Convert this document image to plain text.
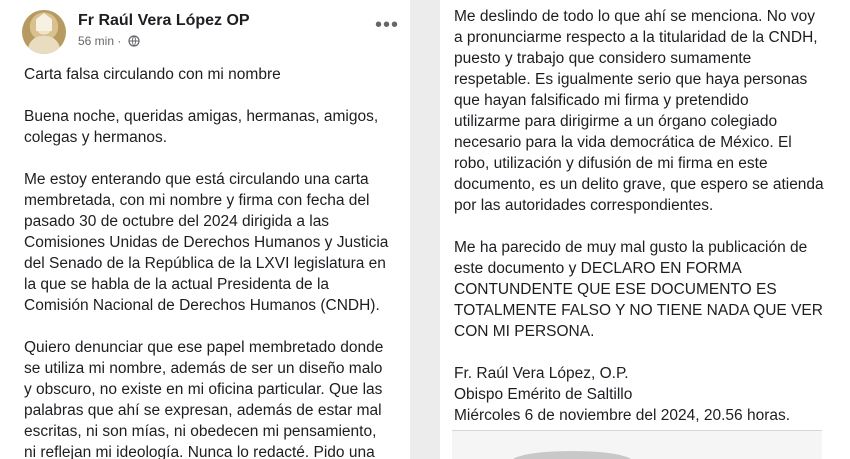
Fr Raúl Vera López OP
56 min ·
•••

Carta falsa circulando con mi nombre

Buena noche, queridas amigas, hermanas, amigos,

colegas y hermanos.

Me estoy enterando que está circulando una carta

membretada, con mi nombre y firma con fecha del

pasado 30 de octubre del 2024 dirigida a las

Comisiones Unidas de Derechos Humanos y Justicia

del Senado de la República de la LXVI legislatura en

la que se habla de la actual Presidenta de la

Comisión Nacional de Derechos Humanos (CNDH).

Quiero denunciar que ese papel membretado donde

se utiliza mi nombre, además de ser un diseño malo

y obscuro, no existe en mi oficina particular. Que las

palabras que ahí se expresan, además de estar mal

escritas, ni son mías, ni obedecen mi pensamiento,

ni reflejan mi ideología. Nunca lo redacté. Pido una

Me deslindo de todo lo que ahí se menciona. No voy

a pronunciarme respecto a la titularidad de la CNDH,

puesto y trabajo que considero sumamente

respetable. Es igualmente serio que haya personas

que hayan falsificado mi firma y pretendido

utilizarme para dirigirme a un órgano colegiado

necesario para la vida democrática de México. El

robo, utilización y difusión de mi firma en este

documento, es un delito grave, que espero se atienda

por las autoridades correspondientes.

Me ha parecido de muy mal gusto la publicación de

este documento y DECLARO EN FORMA

CONTUNDENTE QUE ESE DOCUMENTO ES

TOTALMENTE FALSO Y NO TIENE NADA QUE VER

CON MI PERSONA.

Fr. Raúl Vera López, O.P.

Obispo Emérito de Saltillo

Miércoles 6 de noviembre del 2024, 20.56 horas.
